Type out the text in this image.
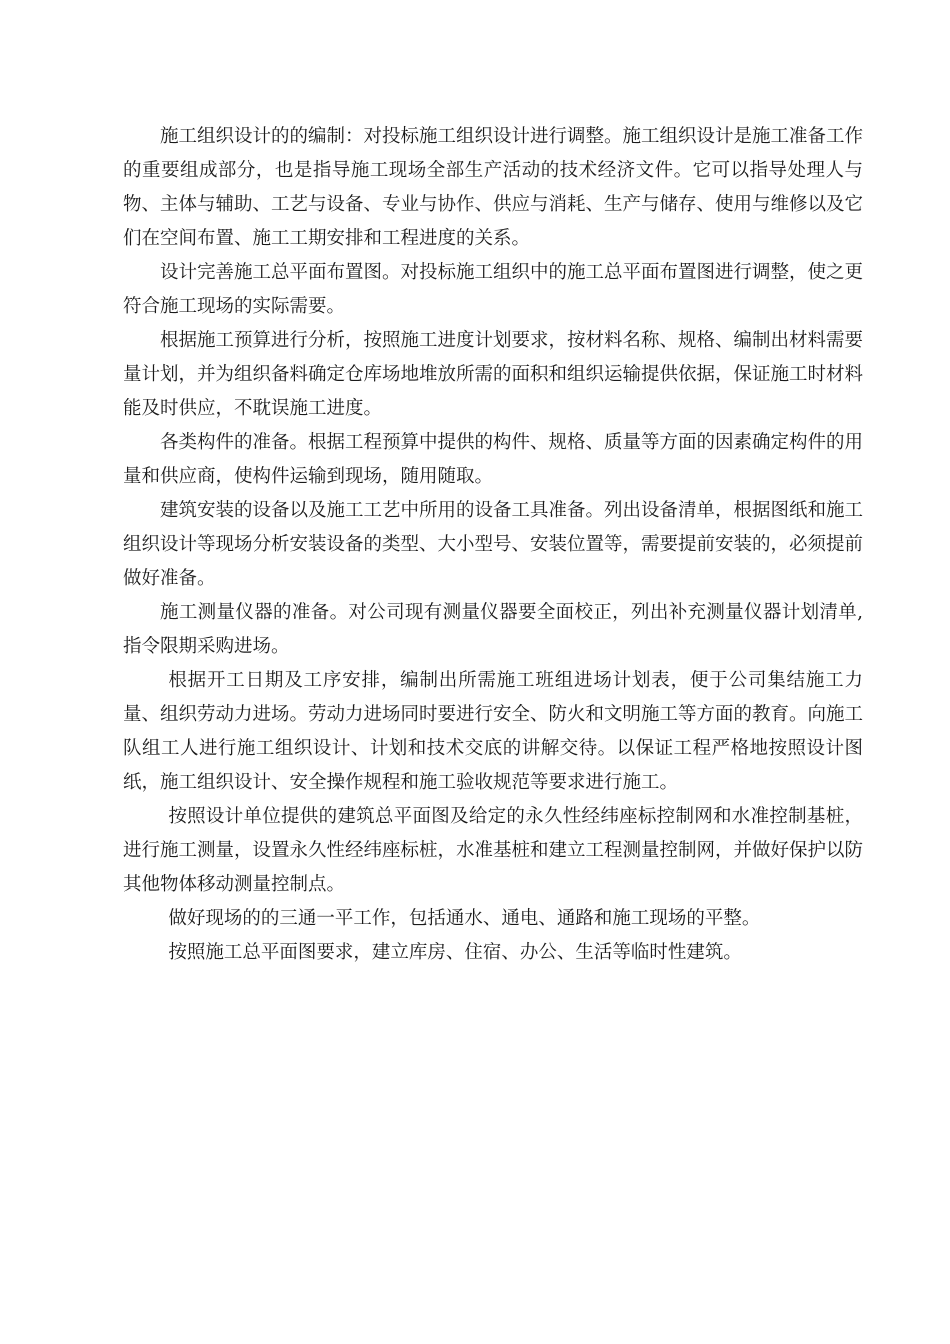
施工组织设计的的编制：对投标施工组织设计进行调整。施工组织设计是施工准备工作的重要组成部分，也是指导施工现场全部生产活动的技术经济文件。它可以指导处理人与物、主体与辅助、工艺与设备、专业与协作、供应与消耗、生产与储存、使用与维修以及它们在空间布置、施工工期安排和工程进度的关系。

设计完善施工总平面布置图。对投标施工组织中的施工总平面布置图进行调整，使之更符合施工现场的实际需要。

根据施工预算进行分析，按照施工进度计划要求，按材料名称、规格、编制出材料需要量计划，并为组织备料确定仓库场地堆放所需的面积和组织运输提供依据，保证施工时材料能及时供应，不耽误施工进度。

各类构件的准备。根据工程预算中提供的构件、规格、质量等方面的因素确定构件的用量和供应商，使构件运输到现场，随用随取。

建筑安装的设备以及施工工艺中所用的设备工具准备。列出设备清单，根据图纸和施工组织设计等现场分析安装设备的类型、大小型号、安装位置等，需要提前安装的，必须提前做好准备。

施工测量仪器的准备。对公司现有测量仪器要全面校正，列出补充测量仪器计划清单,指令限期采购进场。

根据开工日期及工序安排，编制出所需施工班组进场计划表，便于公司集结施工力量、组织劳动力进场。劳动力进场同时要进行安全、防火和文明施工等方面的教育。向施工队组工人进行施工组织设计、计划和技术交底的讲解交待。以保证工程严格地按照设计图纸，施工组织设计、安全操作规程和施工验收规范等要求进行施工。

按照设计单位提供的建筑总平面图及给定的永久性经纬座标控制网和水准控制基桩，进行施工测量，设置永久性经纬座标桩，水准基桩和建立工程测量控制网，并做好保护以防其他物体移动测量控制点。

做好现场的的三通一平工作，包括通水、通电、通路和施工现场的平整。

按照施工总平面图要求，建立库房、住宿、办公、生活等临时性建筑。
